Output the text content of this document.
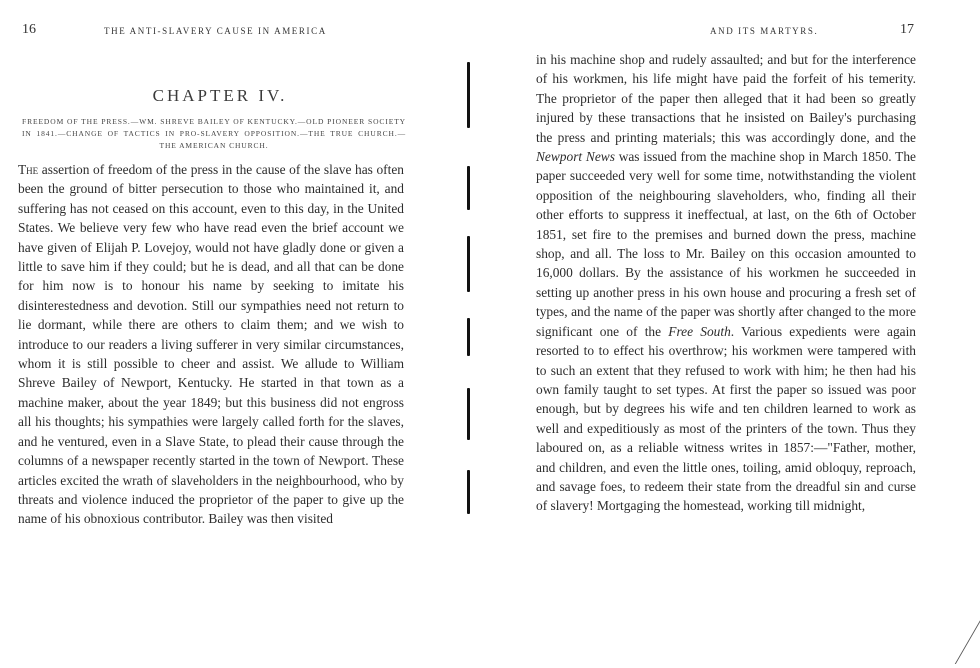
16	THE ANTI-SLAVERY CAUSE IN AMERICA
CHAPTER IV.
FREEDOM OF THE PRESS.—WM. SHREVE BAILEY OF KENTUCKY.—OLD PIONEER SOCIETY IN 1841.—CHANGE OF TACTICS IN PRO-SLAVERY OPPOSITION.—THE TRUE CHURCH.—THE AMERICAN CHURCH.
The assertion of freedom of the press in the cause of the slave has often been the ground of bitter persecution to those who maintained it, and suffering has not ceased on this account, even to this day, in the United States. We believe very few who have read even the brief account we have given of Elijah P. Lovejoy, would not have gladly done or given a little to save him if they could; but he is dead, and all that can be done for him now is to honour his name by seeking to imitate his disinterestedness and devotion. Still our sympathies need not return to lie dormant, while there are others to claim them; and we wish to introduce to our readers a living sufferer in very similar circumstances, whom it is still possible to cheer and assist. We allude to William Shreve Bailey of Newport, Kentucky. He started in that town as a machine maker, about the year 1849; but this business did not engross all his thoughts; his sympathies were largely called forth for the slaves, and he ventured, even in a Slave State, to plead their cause through the columns of a newspaper recently started in the town of Newport. These articles excited the wrath of slaveholders in the neighbourhood, who by threats and violence induced the proprietor of the paper to give up the name of his obnoxious contributor. Bailey was then visited
AND ITS MARTYRS.	17
in his machine shop and rudely assaulted; and but for the interference of his workmen, his life might have paid the forfeit of his temerity. The proprietor of the paper then alleged that it had been so greatly injured by these transactions that he insisted on Bailey's purchasing the press and printing materials; this was accordingly done, and the Newport News was issued from the machine shop in March 1850. The paper succeeded very well for some time, notwithstanding the violent opposition of the neighbouring slaveholders, who, finding all their other efforts to suppress it ineffectual, at last, on the 6th of October 1851, set fire to the premises and burned down the press, machine shop, and all. The loss to Mr. Bailey on this occasion amounted to 16,000 dollars. By the assistance of his workmen he succeeded in setting up another press in his own house and procuring a fresh set of types, and the name of the paper was shortly after changed to the more significant one of the Free South. Various expedients were again resorted to to effect his overthrow; his workmen were tampered with to such an extent that they refused to work with him; he then had his own family taught to set types. At first the paper so issued was poor enough, but by degrees his wife and ten children learned to work as well and expeditiously as most of the printers of the town. Thus they laboured on, as a reliable witness writes in 1857:—"Father, mother, and children, and even the little ones, toiling, amid obloquy, reproach, and savage foes, to redeem their state from the dreadful sin and curse of slavery! Mortgaging the homestead, working till midnight,
